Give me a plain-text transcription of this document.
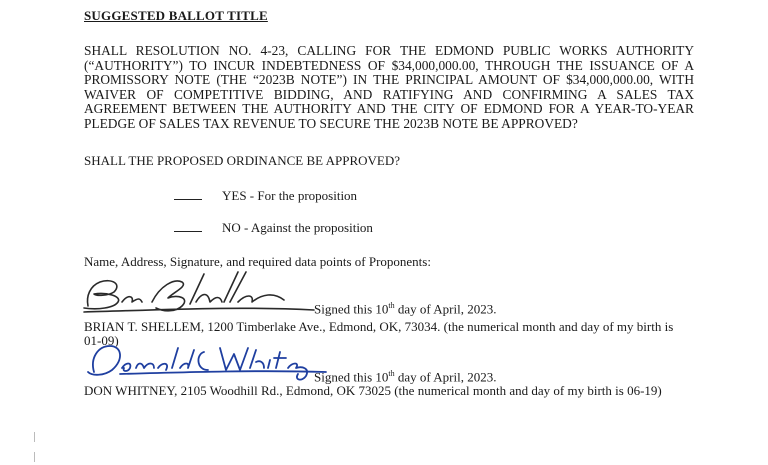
SUGGESTED BALLOT TITLE
SHALL RESOLUTION NO. 4-23, CALLING FOR THE EDMOND PUBLIC WORKS AUTHORITY (“AUTHORITY”) TO INCUR INDEBTEDNESS OF $34,000,000.00, THROUGH THE ISSUANCE OF A PROMISSORY NOTE (THE “2023B NOTE”) IN THE PRINCIPAL AMOUNT OF $34,000,000.00, WITH WAIVER OF COMPETITIVE BIDDING, AND RATIFYING AND CONFIRMING A SALES TAX AGREEMENT BETWEEN THE AUTHORITY AND THE CITY OF EDMOND FOR A YEAR-TO-YEAR PLEDGE OF SALES TAX REVENUE TO SECURE THE 2023B NOTE BE APPROVED?
SHALL THE PROPOSED ORDINANCE BE APPROVED?
YES - For the proposition
NO - Against the proposition
Name, Address, Signature, and required data points of Proponents:
Signed this 10th day of April, 2023.
BRIAN T. SHELLEM, 1200 Timberlake Ave., Edmond, OK, 73034. (the numerical month and day of my birth is 01-09)
Signed this 10th day of April, 2023.
DON WHITNEY, 2105 Woodhill Rd., Edmond, OK 73025 (the numerical month and day of my birth is 06-19)
